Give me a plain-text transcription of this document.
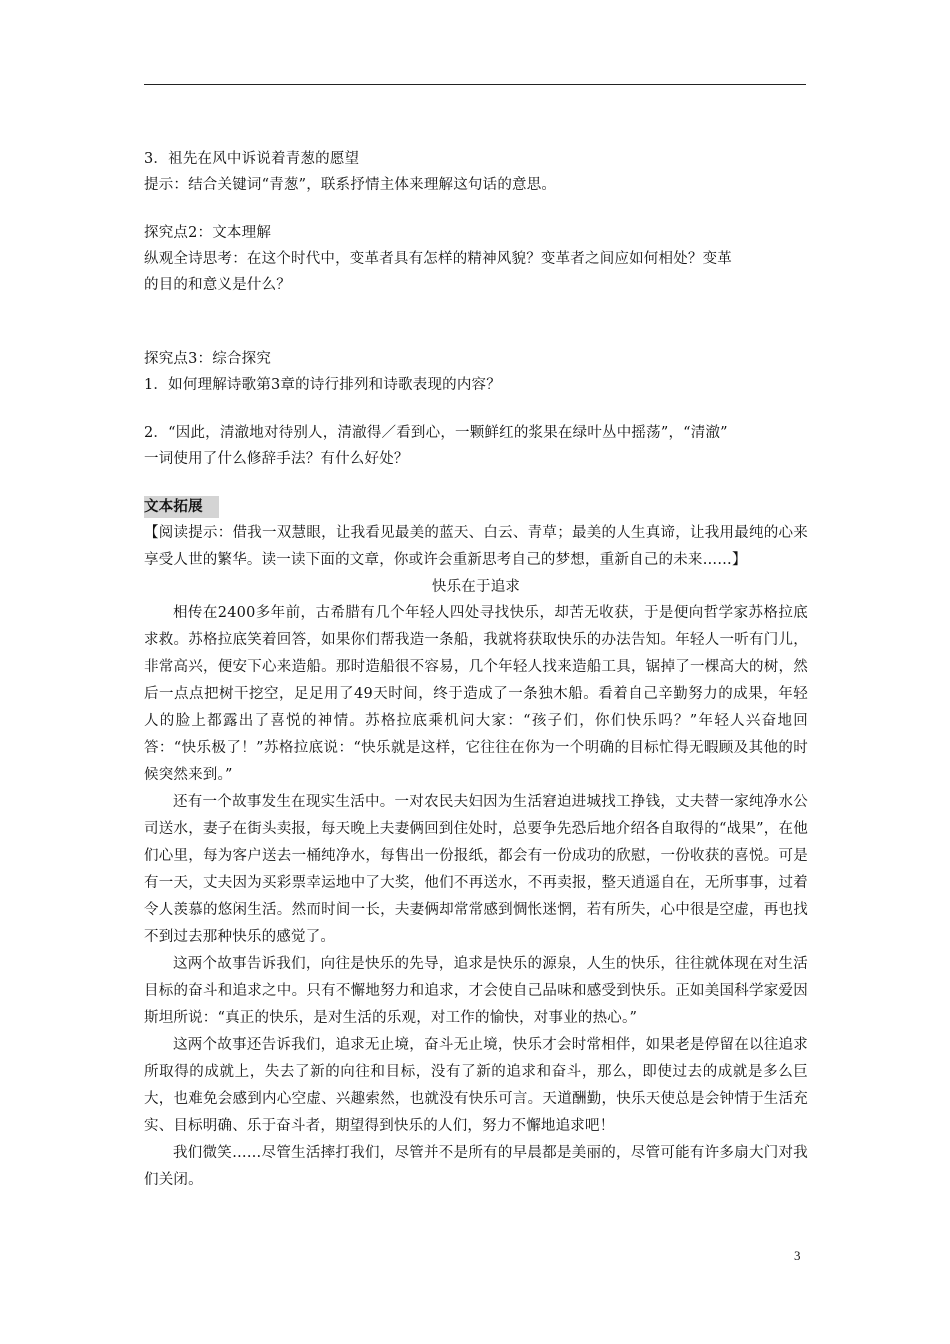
3．祖先在风中诉说着青葱的愿望
提示：结合关键词“青葱”，联系抒情主体来理解这句话的意思。
探究点2：文本理解
纵观全诗思考：在这个时代中，变革者具有怎样的精神风貌？变革者之间应如何相处？变革
的目的和意义是什么？
探究点3：综合探究
1．如何理解诗歌第3章的诗行排列和诗歌表现的内容？
2．“因此，清澈地对待别人，清澈得／看到心，一颗鲜红的浆果在绿叶丛中摇荡”，“清澈”
一词使用了什么修辞手法？有什么好处？
文本拓展

【阅读提示：借我一双慧眼，让我看见最美的蓝天、白云、青草；最美的人生真谛，让我用最纯的心来享受人世的繁华。读一读下面的文章，你或许会重新思考自己的梦想，重新自己的未来……】

快乐在于追求

相传在2400多年前，古希腊有几个年轻人四处寻找快乐，却苦无收获，于是便向哲学家苏格拉底求救。苏格拉底笑着回答，如果你们帮我造一条船，我就将获取快乐的办法告知。年轻人一听有门儿，非常高兴，便安下心来造船。那时造船很不容易，几个年轻人找来造船工具，锯掉了一棵高大的树，然后一点点把树干挖空，足足用了49天时间，终于造成了一条独木船。看着自己辛勤努力的成果，年轻人的脸上都露出了喜悦的神情。苏格拉底乘机问大家：“孩子们，你们快乐吗？”年轻人兴奋地回答：“快乐极了！”苏格拉底说：“快乐就是这样，它往往在你为一个明确的目标忙得无暇顾及其他的时候突然来到。”

还有一个故事发生在现实生活中。一对农民夫妇因为生活窘迫进城找工挣钱，丈夫替一家纯净水公司送水，妻子在街头卖报，每天晚上夫妻俩回到住处时，总要争先恐后地介绍各自取得的“战果”，在他们心里，每为客户送去一桶纯净水，每售出一份报纸，都会有一份成功的欣慰，一份收获的喜悦。可是有一天，丈夫因为买彩票幸运地中了大奖，他们不再送水，不再卖报，整天逍遥自在，无所事事，过着令人羡慕的悠闲生活。然而时间一长，夫妻俩却常常感到惆怅迷惘，若有所失，心中很是空虚，再也找不到过去那种快乐的感觉了。

这两个故事告诉我们，向往是快乐的先导，追求是快乐的源泉，人生的快乐，往往就体现在对生活目标的奋斗和追求之中。只有不懈地努力和追求，才会使自己品味和感受到快乐。正如美国科学家爱因斯坦所说：“真正的快乐，是对生活的乐观，对工作的愉快，对事业的热心。”

这两个故事还告诉我们，追求无止境，奋斗无止境，快乐才会时常相伴，如果老是停留在以往追求所取得的成就上，失去了新的向往和目标，没有了新的追求和奋斗，那么，即使过去的成就是多么巨大，也难免会感到内心空虚、兴趣索然，也就没有快乐可言。天道酬勤，快乐天使总是会钟情于生活充实、目标明确、乐于奋斗者，期望得到快乐的人们，努力不懈地追求吧！

我们微笑……尽管生活摔打我们，尽管并不是所有的早晨都是美丽的，尽管可能有许多扇大门对我们关闭。

3
